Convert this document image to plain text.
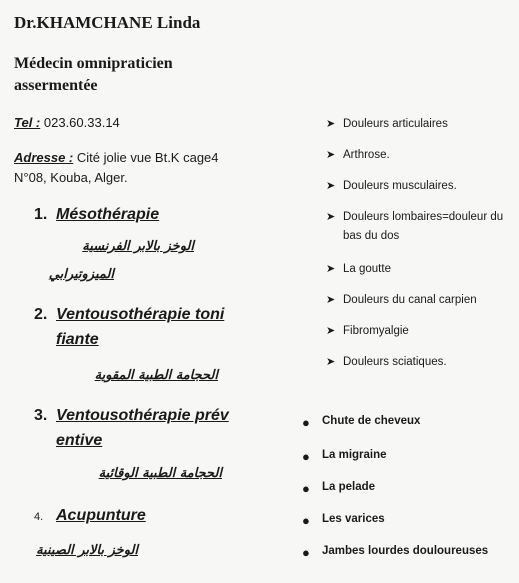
Dr.KHAMCHANE Linda
Médecin omnipraticien
assermentée
Tel : 023.60.33.14
Adresse : Cité jolie vue Bt.K cage4
N°08, Kouba, Alger.
1. Mésothérapie
الوخز بالابر الفرنسية
الميزوتيرابي
2. Ventousothérapie toni
fiante
الحجامة الطبية المقوية
3. Ventousothérapie prév
entive
الحجامة الطبية الوقائية
4. Acupunture
الوخز بالابر الصينية
➤ Douleurs articulaires
➤ Arthrose.
➤ Douleurs musculaires.
➤ Douleurs lombaires=douleur du bas du dos
➤ La goutte
➤ Douleurs du canal carpien
➤ Fibromyalgie
➤ Douleurs sciatiques.
● Chute de cheveux
● La migraine
● La pelade
● Les varices
● Jambes lourdes douloureuses
